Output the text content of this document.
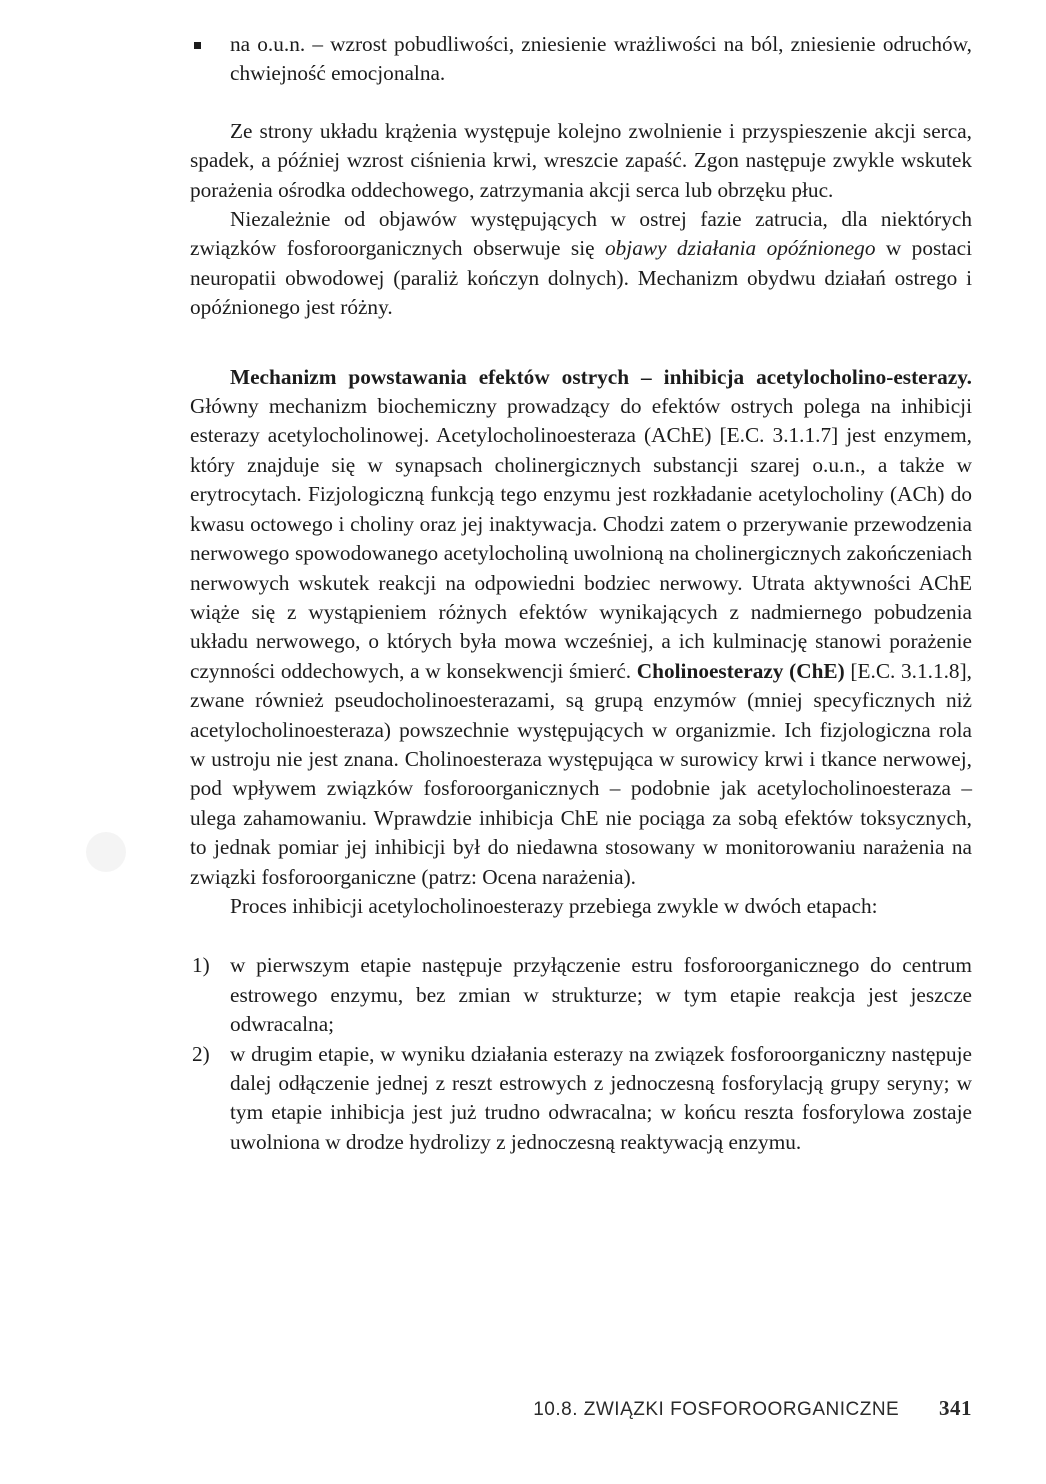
na o.u.n. – wzrost pobudliwości, zniesienie wrażliwości na ból, zniesienie odruchów, chwiejność emocjonalna.

Ze strony układu krążenia występuje kolejno zwolnienie i przyspieszenie akcji serca, spadek, a później wzrost ciśnienia krwi, wreszcie zapaść. Zgon następuje zwykle wskutek porażenia ośrodka oddechowego, zatrzymania akcji serca lub obrzęku płuc.

Niezależnie od objawów występujących w ostrej fazie zatrucia, dla niektórych związków fosforoorganicznych obserwuje się objawy działania opóźnionego w postaci neuropatii obwodowej (paraliż kończyn dolnych). Mechanizm obydwu działań ostrego i opóźnionego jest różny.

Mechanizm powstawania efektów ostrych – inhibicja acetylocholino-esterazy. Główny mechanizm biochemiczny prowadzący do efektów ostrych polega na inhibicji esterazy acetylocholinowej. Acetylocholinoesteraza (AChE) [E.C. 3.1.1.7] jest enzymem, który znajduje się w synapsach cholinergicznych substancji szarej o.u.n., a także w erytrocytach. Fizjologiczną funkcją tego enzymu jest rozkładanie acetylocholiny (ACh) do kwasu octowego i choliny oraz jej inaktywacja. Chodzi zatem o przerywanie przewodzenia nerwowego spowodowanego acetylocholiną uwolnioną na cholinergicznych zakończeniach nerwowych wskutek reakcji na odpowiedni bodziec nerwowy. Utrata aktywności AChE wiąże się z wystąpieniem różnych efektów wynikających z nadmiernego pobudzenia układu nerwowego, o których była mowa wcześniej, a ich kulminację stanowi porażenie czynności oddechowych, a w konsekwencji śmierć. Cholinoesterazy (ChE) [E.C. 3.1.1.8], zwane również pseudocholinoesterazami, są grupą enzymów (mniej specyficznych niż acetylocholinoesteraza) powszechnie występujących w organizmie. Ich fizjologiczna rola w ustroju nie jest znana. Cholinoesteraza występująca w surowicy krwi i tkance nerwowej, pod wpływem związków fosforoorganicznych – podobnie jak acetylocholinoesteraza – ulega zahamowaniu. Wprawdzie inhibicja ChE nie pociąga za sobą efektów toksycznych, to jednak pomiar jej inhibicji był do niedawna stosowany w monitorowaniu narażenia na związki fosforoorganiczne (patrz: Ocena narażenia).

Proces inhibicji acetylocholinoesterazy przebiega zwykle w dwóch etapach:

1) w pierwszym etapie następuje przyłączenie estru fosforoorganicznego do centrum estrowego enzymu, bez zmian w strukturze; w tym etapie reakcja jest jeszcze odwracalna;
2) w drugim etapie, w wyniku działania esterazy na związek fosforoorganiczny następuje dalej odłączenie jednej z reszt estrowych z jednoczesną fosforylacją grupy seryny; w tym etapie inhibicja jest już trudno odwracalna; w końcu reszta fosforylowa zostaje uwolniona w drodze hydrolizy z jednoczesną reaktywacją enzymu.
10.8. ZWIĄZKI FOSFOROORGANICZNE 341
